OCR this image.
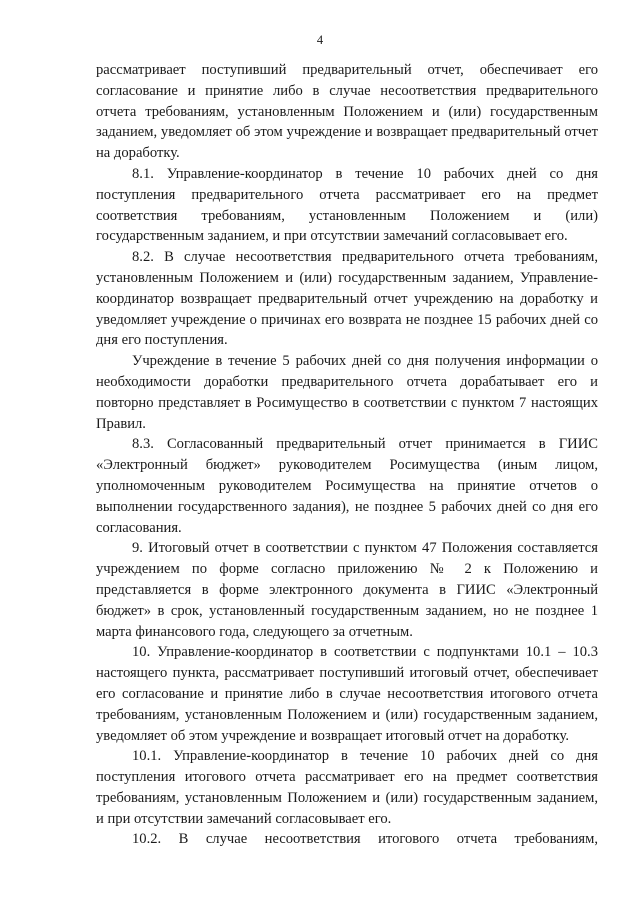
4

рассматривает поступивший предварительный отчет, обеспечивает его согласование и принятие либо в случае несоответствия предварительного отчета требованиям, установленным Положением и (или) государственным заданием, уведомляет об этом учреждение и возвращает предварительный отчет на доработку.

8.1. Управление-координатор в течение 10 рабочих дней со дня поступления предварительного отчета рассматривает его на предмет соответствия требованиям, установленным Положением и (или) государственным заданием, и при отсутствии замечаний согласовывает его.

8.2. В случае несоответствия предварительного отчета требованиям, установленным Положением и (или) государственным заданием, Управление-координатор возвращает предварительный отчет учреждению на доработку и уведомляет учреждение о причинах его возврата не позднее 15 рабочих дней со дня его поступления.

Учреждение в течение 5 рабочих дней со дня получения информации о необходимости доработки предварительного отчета дорабатывает его и повторно представляет в Росимущество в соответствии с пунктом 7 настоящих Правил.

8.3. Согласованный предварительный отчет принимается в ГИИС «Электронный бюджет» руководителем Росимущества (иным лицом, уполномоченным руководителем Росимущества на принятие отчетов о выполнении государственного задания), не позднее 5 рабочих дней со дня его согласования.

9. Итоговый отчет в соответствии с пунктом 47 Положения составляется учреждением по форме согласно приложению № 2 к Положению и представляется в форме электронного документа в ГИИС «Электронный бюджет» в срок, установленный государственным заданием, но не позднее 1 марта финансового года, следующего за отчетным.

10. Управление-координатор в соответствии с подпунктами 10.1 – 10.3 настоящего пункта, рассматривает поступивший итоговый отчет, обеспечивает его согласование и принятие либо в случае несоответствия итогового отчета требованиям, установленным Положением и (или) государственным заданием, уведомляет об этом учреждение и возвращает итоговый отчет на доработку.

10.1. Управление-координатор в течение 10 рабочих дней со дня поступления итогового отчета рассматривает его на предмет соответствия требованиям, установленным Положением и (или) государственным заданием, и при отсутствии замечаний согласовывает его.

10.2. В случае несоответствия итогового отчета требованиям,
